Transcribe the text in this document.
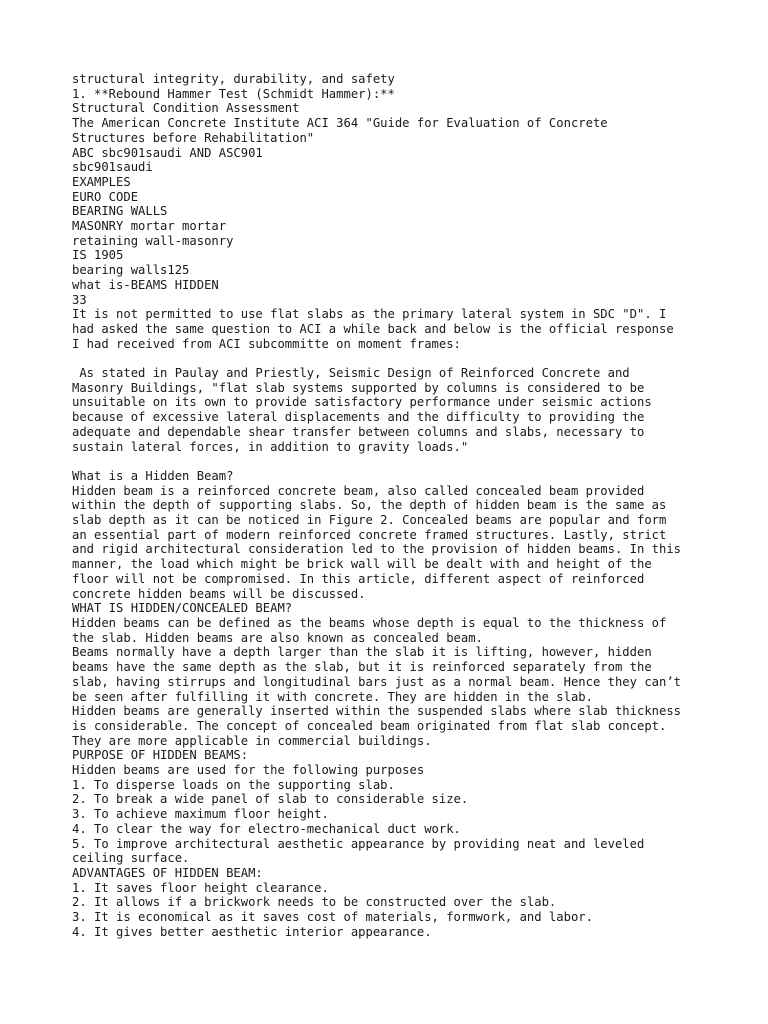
structural integrity, durability, and safety
1. **Rebound Hammer Test (Schmidt Hammer):**
Structural Condition Assessment
The American Concrete Institute ACI 364 "Guide for Evaluation of Concrete
Structures before Rehabilitation"
ABC sbc901saudi AND ASC901
sbc901saudi
EXAMPLES
EURO CODE
BEARING WALLS
MASONRY mortar mortar
retaining wall-masonry
IS 1905
bearing walls125
what is-BEAMS HIDDEN
33
It is not permitted to use flat slabs as the primary lateral system in SDC "D". I
had asked the same question to ACI a while back and below is the official response
I had received from ACI subcommitte on moment frames:
As stated in Paulay and Priestly, Seismic Design of Reinforced Concrete and
Masonry Buildings, "flat slab systems supported by columns is considered to be
unsuitable on its own to provide satisfactory performance under seismic actions
because of excessive lateral displacements and the difficulty to providing the
adequate and dependable shear transfer between columns and slabs, necessary to
sustain lateral forces, in addition to gravity loads."
What is a Hidden Beam?
Hidden beam is a reinforced concrete beam, also called concealed beam provided
within the depth of supporting slabs. So, the depth of hidden beam is the same as
slab depth as it can be noticed in Figure 2. Concealed beams are popular and form
an essential part of modern reinforced concrete framed structures. Lastly, strict
and rigid architectural consideration led to the provision of hidden beams. In this
manner, the load which might be brick wall will be dealt with and height of the
floor will not be compromised. In this article, different aspect of reinforced
concrete hidden beams will be discussed.
WHAT IS HIDDEN/CONCEALED BEAM?
Hidden beams can be defined as the beams whose depth is equal to the thickness of
the slab. Hidden beams are also known as concealed beam.
Beams normally have a depth larger than the slab it is lifting, however, hidden
beams have the same depth as the slab, but it is reinforced separately from the
slab, having stirrups and longitudinal bars just as a normal beam. Hence they can’t
be seen after fulfilling it with concrete. They are hidden in the slab.
Hidden beams are generally inserted within the suspended slabs where slab thickness
is considerable. The concept of concealed beam originated from flat slab concept.
They are more applicable in commercial buildings.
PURPOSE OF HIDDEN BEAMS:
Hidden beams are used for the following purposes
1. To disperse loads on the supporting slab.
2. To break a wide panel of slab to considerable size.
3. To achieve maximum floor height.
4. To clear the way for electro-mechanical duct work.
5. To improve architectural aesthetic appearance by providing neat and leveled
ceiling surface.
ADVANTAGES OF HIDDEN BEAM:
1. It saves floor height clearance.
2. It allows if a brickwork needs to be constructed over the slab.
3. It is economical as it saves cost of materials, formwork, and labor.
4. It gives better aesthetic interior appearance.
